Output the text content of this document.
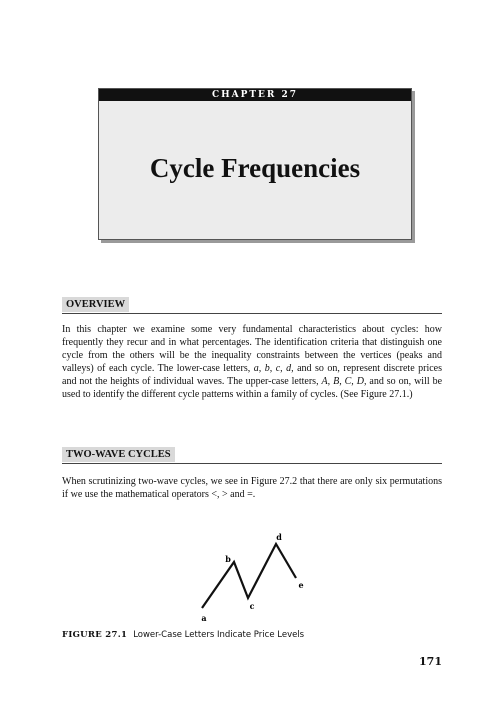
CHAPTER 27
Cycle Frequencies
OVERVIEW

In this chapter we examine some very fundamental characteristics about cycles: how frequently they recur and in what percentages. The identification criteria that distinguish one cycle from the others will be the inequality constraints between the vertices (peaks and valleys) of each cycle. The lower-case letters, a, b, c, d, and so on, represent discrete prices and not the heights of individual waves. The upper-case letters, A, B, C, D, and so on, will be used to identify the different cycle patterns within a family of cycles. (See Figure 27.1.)

TWO-WAVE CYCLES

When scrutinizing two-wave cycles, we see in Figure 27.2 that there are only six permutations if we use the mathematical operators <, > and =.

a
b
c
d
e
FIGURE 27.1 Lower-Case Letters Indicate Price Levels
171
